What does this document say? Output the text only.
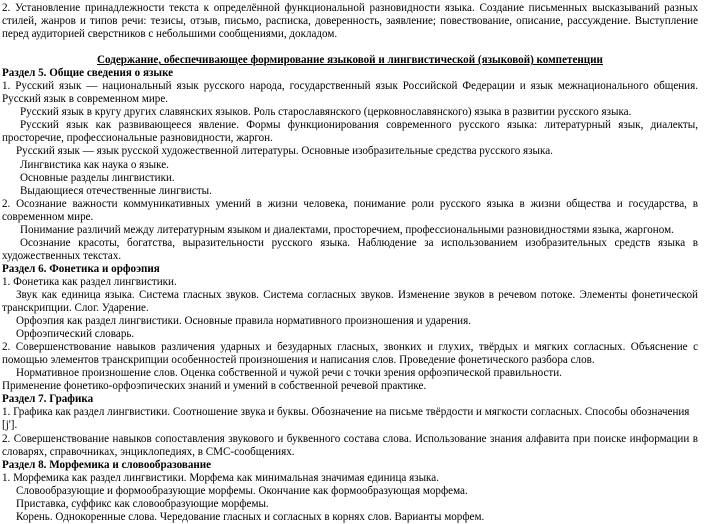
2. Установление принадлежности текста к определённой функциональной разновидности языка. Создание письменных высказываний разных стилей, жанров и типов речи: тезисы, отзыв, письмо, расписка, доверенность, заявление; повествование, описание, рассуждение. Выступление перед аудиторией сверстников с небольшими сообщениями, докладом.

Содержание, обеспечивающее формирование языковой и лингвистической (языковой) компетенции

Раздел 5. Общие сведения о языке

1. Русский язык — национальный язык русского народа, государственный язык Российской Федерации и язык межнационального общения. Русский язык в современном мире.

Русский язык в кругу других славянских языков. Роль старославянского (церковнославянского) языка в развитии русского языка.

Русский язык как развивающееся явление. Формы функционирования современного русского языка: литературный язык, диалекты, просторечие, профессиональные разновидности, жаргон.

Русский язык — язык русской художественной литературы. Основные изобразительные средства русского языка.

Лингвистика как наука о языке.

Основные разделы лингвистики.

Выдающиеся отечественные лингвисты.

2. Осознание важности коммуникативных умений в жизни человека, понимание роли русского языка в жизни общества и государства, в современном мире.

Понимание различий между литературным языком и диалектами, просторечием, профессиональными разновидностями языка, жаргоном.

Осознание красоты, богатства, выразительности русского языка. Наблюдение за использованием изобразительных средств языка в художественных текстах.

Раздел 6. Фонетика и орфоэпия

1. Фонетика как раздел лингвистики.

Звук как единица языка. Система гласных звуков. Система согласных звуков. Изменение звуков в речевом потоке. Элементы фонетической транскрипции. Слог. Ударение.

Орфоэпия как раздел лингвистики. Основные правила нормативного произношения и ударения.

Орфоэпический словарь.

2. Совершенствование навыков различения ударных и безударных гласных, звонких и глухих, твёрдых и мягких согласных. Объяснение с помощью элементов транскрипции особенностей произношения и написания слов. Проведение фонетического разбора слов.

Нормативное произношение слов. Оценка собственной и чужой речи с точки зрения орфоэпической правильности.

Применение фонетико-орфоэпических знаний и умений в собственной речевой практике.

Раздел 7. Графика

1. Графика как раздел лингвистики. Соотношение звука и буквы. Обозначение на письме твёрдости и мягкости согласных. Способы обозначения [j'].

2. Совершенствование навыков сопоставления звукового и буквенного состава слова. Использование знания алфавита при поиске информации в словарях, справочниках, энциклопедиях, в СМС-сообщениях.

Раздел 8. Морфемика и словообразование

1. Морфемика как раздел лингвистики. Морфема как минимальная значимая единица языка.

Словообразующие и формообразующие морфемы. Окончание как формообразующая морфема.

Приставка, суффикс как словообразующие морфемы.

Корень. Однокоренные слова. Чередование гласных и согласных в корнях слов. Варианты морфем.
